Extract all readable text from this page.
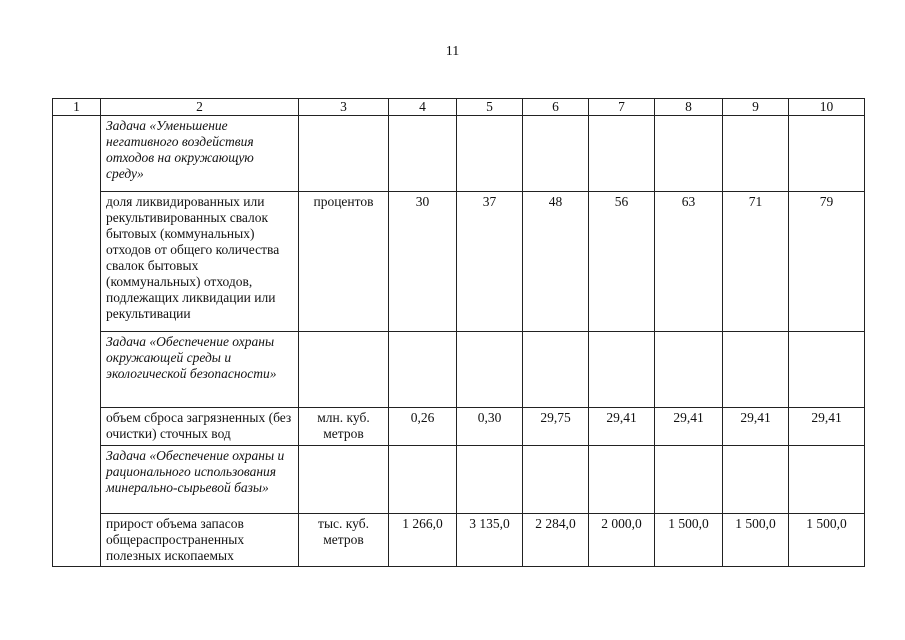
11
1	2	3	4	5	6	7	8	9	10
	Задача «Уменьшение негативного воздействия отходов на окружающую среду»								
	доля ликвидированных или рекультивированных свалок бытовых (коммунальных) отходов от общего количества свалок бытовых (коммунальных) отходов, подлежащих ликвидации или рекультивации	процентов	30	37	48	56	63	71	79
	Задача «Обеспечение охраны окружающей среды и экологической безопасности»								
	объем сброса загрязненных (без очистки) сточных вод	млн. куб. метров	0,26	0,30	29,75	29,41	29,41	29,41	29,41
	Задача «Обеспечение охраны и рационального использования минерально-сырьевой базы»								
	прирост объема запасов общераспространенных полезных ископаемых	тыс. куб. метров	1 266,0	3 135,0	2 284,0	2 000,0	1 500,0	1 500,0	1 500,0
